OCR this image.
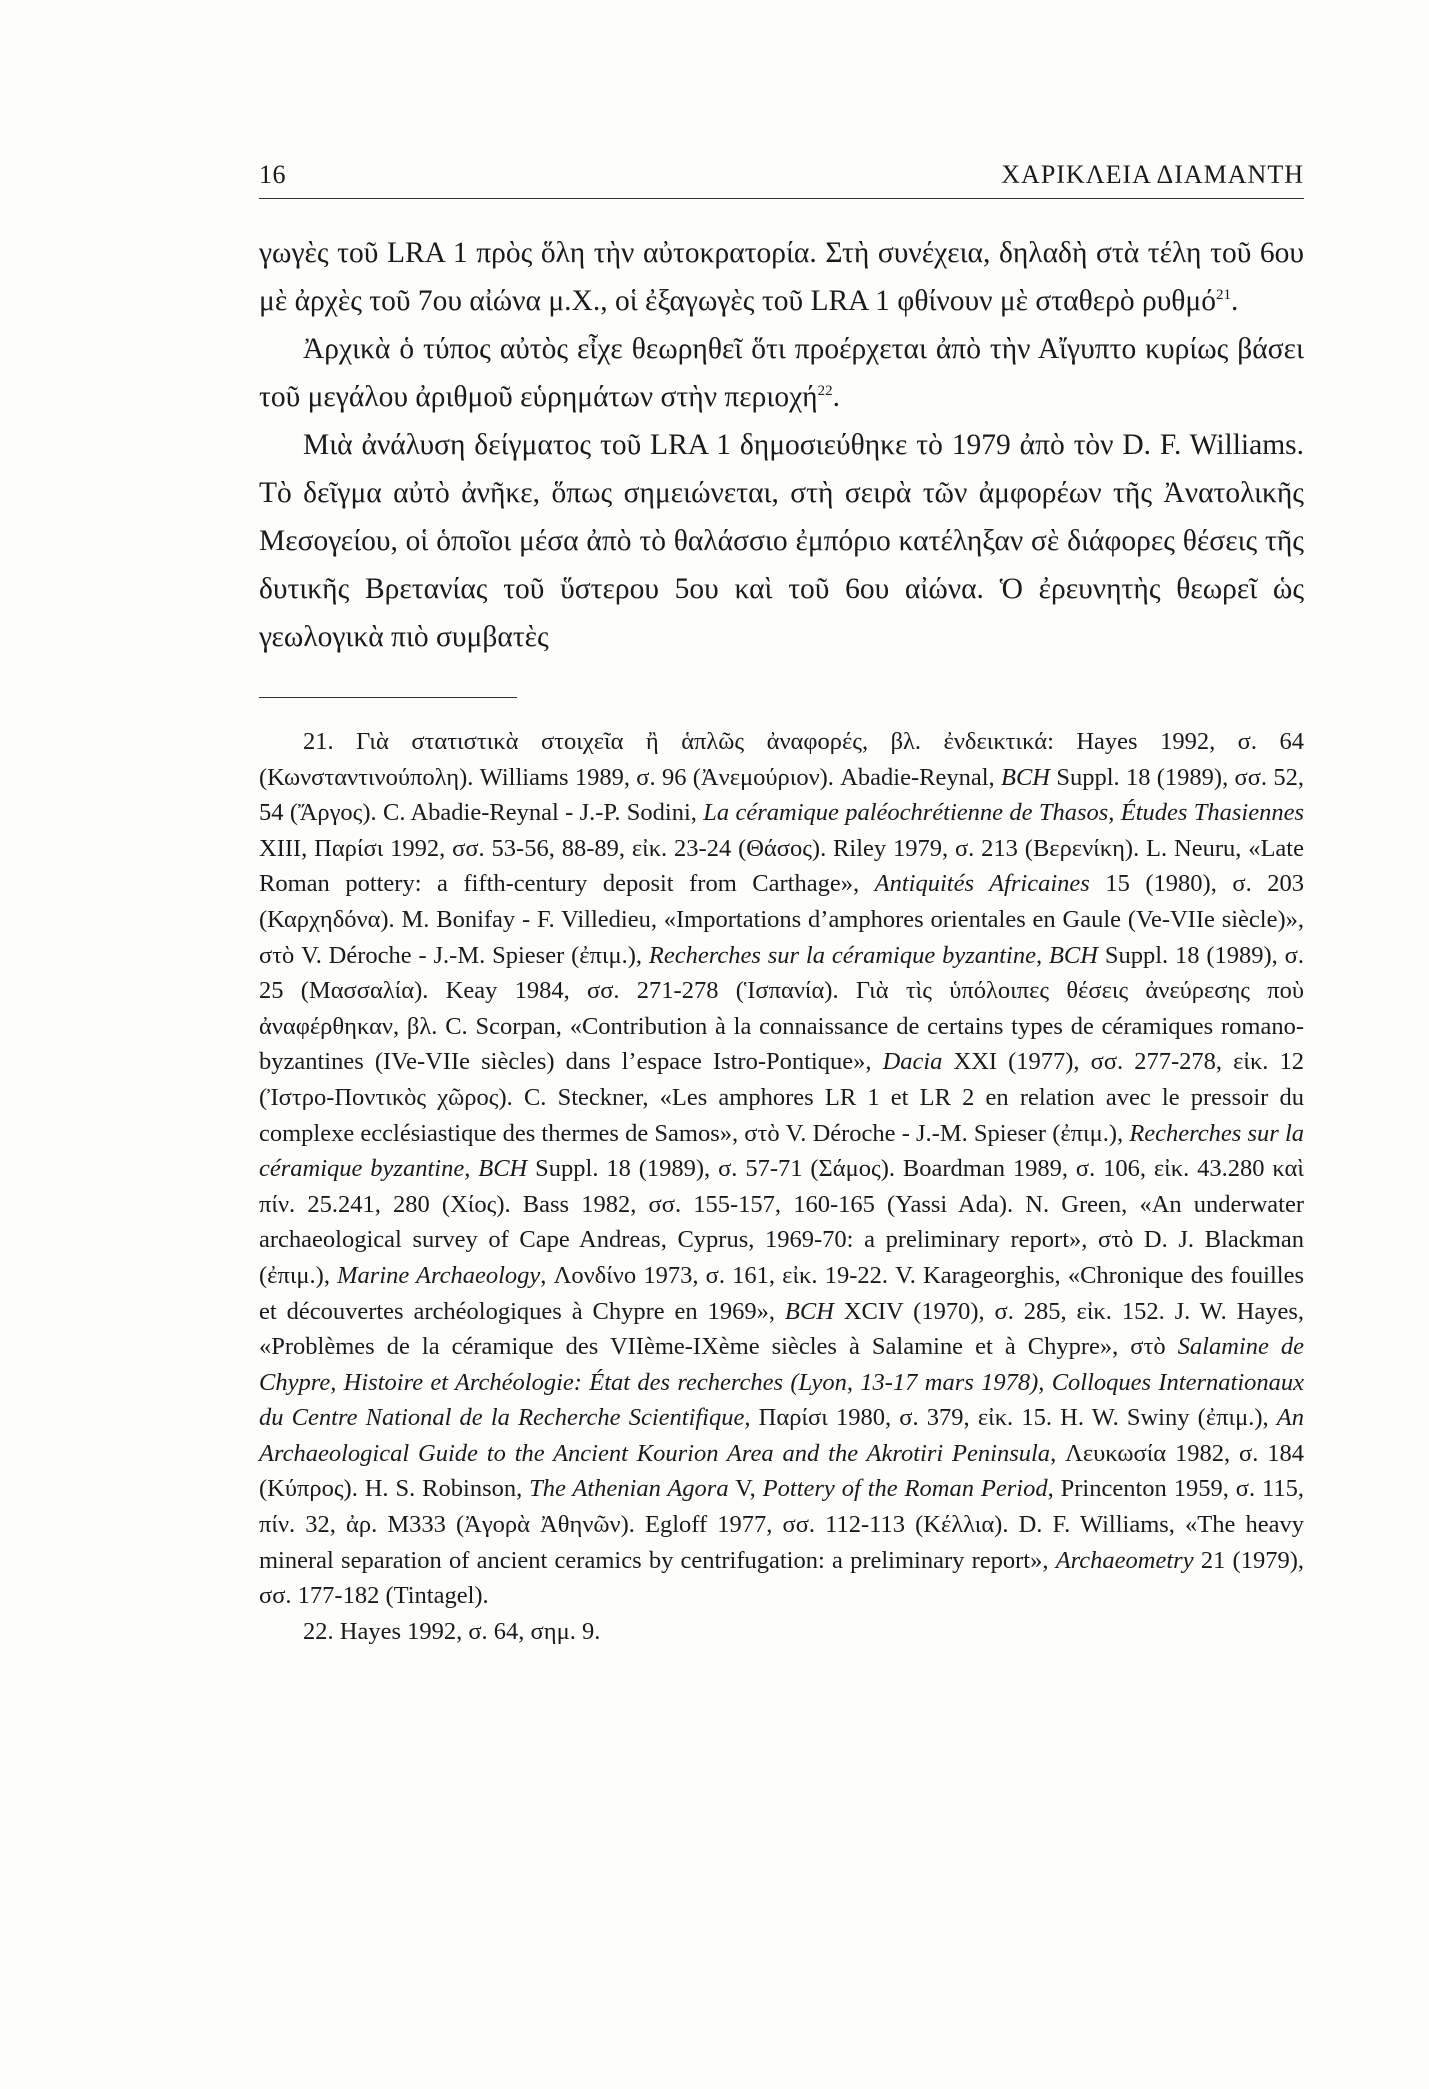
16	ΧΑΡΙΚΛΕΙΑ ΔΙΑΜΑΝΤΗ

γωγὲς τοῦ LRA 1 πρὸς ὅλη τὴν αὐτοκρατορία. Στὴ συνέχεια, δηλαδὴ στὰ τέλη τοῦ 6ου μὲ ἀρχὲς τοῦ 7ου αἰώνα μ.Χ., οἱ ἐξαγωγὲς τοῦ LRA 1 φθίνουν μὲ σταθερὸ ρυθμό$^{21}$.

Ἀρχικὰ ὁ τύπος αὐτὸς εἶχε θεωρηθεῖ ὅτι προέρχεται ἀπὸ τὴν Αἴγυπτο κυρίως βάσει τοῦ μεγάλου ἀριθμοῦ εὑρημάτων στὴν περιοχή$^{22}$.

Μιὰ ἀνάλυση δείγματος τοῦ LRA 1 δημοσιεύθηκε τὸ 1979 ἀπὸ τὸν D. F. Williams. Τὸ δεῖγμα αὐτὸ ἀνῆκε, ὅπως σημειώνεται, στὴ σειρὰ τῶν ἀμφορέων τῆς Ἀνατολικῆς Μεσογείου, οἱ ὁποῖοι μέσα ἀπὸ τὸ θαλάσσιο ἐμπόριο κατέληξαν σὲ διάφορες θέσεις τῆς δυτικῆς Βρετανίας τοῦ ὕστερου 5ου καὶ τοῦ 6ου αἰώνα. Ὁ ἐρευνητὴς θεωρεῖ ὡς γεωλογικὰ πιὸ συμβατὲς

21. Γιὰ στατιστικὰ στοιχεῖα ἢ ἁπλῶς ἀναφορές, βλ. ἐνδεικτικά: Hayes 1992, σ. 64 (Κωνσταντινούπολη). Williams 1989, σ. 96 (Ἀνεμούριον). Abadie-Reynal, BCH Suppl. 18 (1989), σσ. 52, 54 (Ἄργος). C. Abadie-Reynal - J.-P. Sodini, La céramique paléochrétienne de Thasos, Études Thasiennes XIII, Παρίσι 1992, σσ. 53-56, 88-89, εἰκ. 23-24 (Θάσος). Riley 1979, σ. 213 (Βερενίκη). L. Neuru, «Late Roman pottery: a fifth-century deposit from Carthage», Antiquités Africaines 15 (1980), σ. 203 (Καρχηδόνα). M. Bonifay - F. Villedieu, «Importations d’amphores orientales en Gaule (Ve-VIIe siècle)», στὸ V. Déroche - J.-M. Spieser (ἐπιμ.), Recherches sur la céramique byzantine, BCH Suppl. 18 (1989), σ. 25 (Μασσαλία). Keay 1984, σσ. 271-278 (Ἱσπανία). Γιὰ τὶς ὑπόλοιπες θέσεις ἀνεύρεσης ποὺ ἀναφέρθηκαν, βλ. C. Scorpan, «Contribution à la connaissance de certains types de céramiques romano-byzantines (IVe-VIIe siècles) dans l’espace Istro-Pontique», Dacia XXI (1977), σσ. 277-278, εἰκ. 12 (Ἰστρο-Ποντικὸς χῶρος). C. Steckner, «Les amphores LR 1 et LR 2 en relation avec le pressoir du complexe ecclésiastique des thermes de Samos», στὸ V. Déroche - J.-M. Spieser (ἐπιμ.), Recherches sur la céramique byzantine, BCH Suppl. 18 (1989), σ. 57-71 (Σάμος). Boardman 1989, σ. 106, εἰκ. 43.280 καὶ πίν. 25.241, 280 (Χίος). Bass 1982, σσ. 155-157, 160-165 (Yassi Ada). N. Green, «An underwater archaeological survey of Cape Andreas, Cyprus, 1969-70: a preliminary report», στὸ D. J. Blackman (ἐπιμ.), Marine Archaeology, Λονδίνο 1973, σ. 161, εἰκ. 19-22. V. Karageorghis, «Chronique des fouilles et découvertes archéologiques à Chypre en 1969», BCH XCIV (1970), σ. 285, εἰκ. 152. J. W. Hayes, «Problèmes de la céramique des VIIème-IXème siècles à Salamine et à Chypre», στὸ Salamine de Chypre, Histoire et Archéologie: État des recherches (Lyon, 13-17 mars 1978), Colloques Internationaux du Centre National de la Recherche Scientifique, Παρίσι 1980, σ. 379, εἰκ. 15. H. W. Swiny (ἐπιμ.), An Archaeological Guide to the Ancient Kourion Area and the Akrotiri Peninsula, Λευκωσία 1982, σ. 184 (Κύπρος). H. S. Robinson, The Athenian Agora V, Pottery of the Roman Period, Princenton 1959, σ. 115, πίν. 32, ἀρ. M333 (Ἀγορὰ Ἀθηνῶν). Egloff 1977, σσ. 112-113 (Κέλλια). D. F. Williams, «The heavy mineral separation of ancient ceramics by centrifugation: a preliminary report», Archaeometry 21 (1979), σσ. 177-182 (Tintagel).

22. Hayes 1992, σ. 64, σημ. 9.
